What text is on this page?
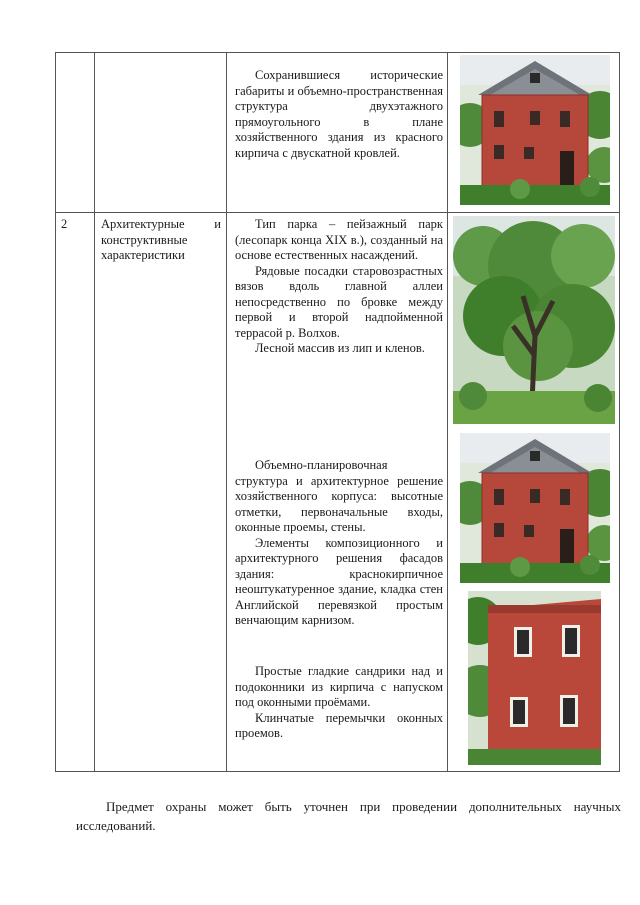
Сохранившиеся исторические габариты и объемно-пространственная структура двухэтажного прямоугольного в плане хозяйственного здания из красного кирпича с двускатной кровлей.

2	Архитектурные и конструктивные характеристики

Тип парка – пейзажный парк (лесопарк конца XIX в.), созданный на основе естественных насаждений.

Рядовые посадки старовозрастных вязов вдоль главной аллеи непосредственно по бровке между первой и второй надпойменной террасой р. Волхов.

Лесной массив из лип и кленов.

Объемно-планировочная структура и архитектурное решение хозяйственного корпуса: высотные отметки, первоначальные входы, оконные проемы, стены.

Элементы композиционного и архитектурного решения фасадов здания: краснокирпичное неоштукатуренное здание, кладка стен Английской перевязкой простым венчающим карнизом.

Простые гладкие сандрики над и подоконники из кирпича с напуском под оконными проёмами.

Клинчатые перемычки оконных проемов.

Предмет охраны может быть уточнен при проведении дополнительных научных исследований.
